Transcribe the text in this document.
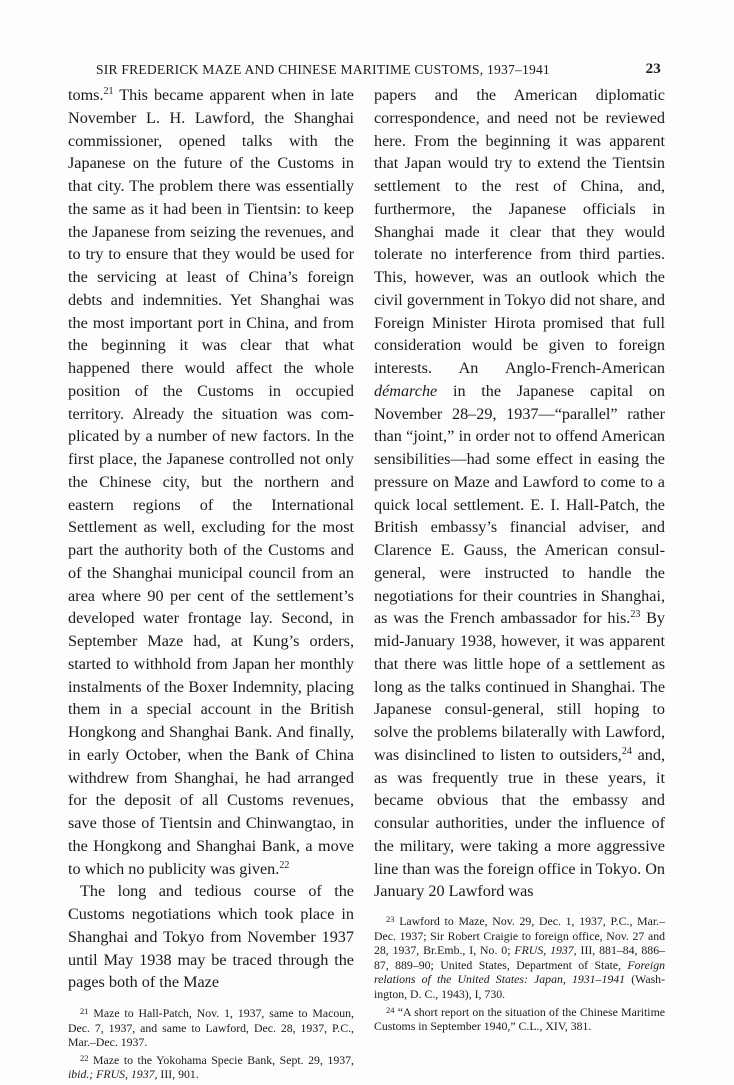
SIR FREDERICK MAZE AND CHINESE MARITIME CUSTOMS, 1937–1941	23

toms.$^{21}$ This became apparent when in late November L. H. Lawford, the Shanghai commissioner, opened talks with the Japanese on the future of the Customs in that city. The problem there was essentially the same as it had been in Tientsin: to keep the Japanese from seizing the revenues, and to try to ensure that they would be used for the servicing at least of China’s foreign debts and indemnities. Yet Shanghai was the most important port in China, and from the beginning it was clear that what happened there would affect the whole position of the Customs in occupied territory. Already the situation was complicated by a number of new factors. In the first place, the Japanese controlled not only the Chinese city, but the northern and eastern regions of the International Settlement as well, excluding for the most part the authority both of the Customs and of the Shanghai municipal council from an area where 90 per cent of the settlement’s developed water frontage lay. Second, in September Maze had, at Kung’s orders, started to withhold from Japan her monthly instalments of the Boxer Indemnity, placing them in a special account in the British Hongkong and Shanghai Bank. And finally, in early October, when the Bank of China withdrew from Shanghai, he had arranged for the deposit of all Customs revenues, save those of Tientsin and Chinwangtao, in the Hongkong and Shanghai Bank, a move to which no publicity was given.$^{22}$

The long and tedious course of the Customs negotiations which took place in Shanghai and Tokyo from November 1937 until May 1938 may be traced through the pages both of the Maze

$^{21}$ Maze to Hall-Patch, Nov. 1, 1937, same to Macoun, Dec. 7, 1937, and same to Lawford, Dec. 28, 1937, P.C., Mar.–Dec. 1937.

$^{22}$ Maze to the Yokohama Specie Bank, Sept. 29, 1937, ibid.; FRUS, 1937, III, 901.

papers and the American diplomatic correspondence, and need not be reviewed here. From the beginning it was apparent that Japan would try to extend the Tientsin settlement to the rest of China, and, furthermore, the Japanese officials in Shanghai made it clear that they would tolerate no interference from third parties. This, however, was an outlook which the civil government in Tokyo did not share, and Foreign Minister Hirota promised that full consideration would be given to foreign interests. An Anglo-French-American démarche in the Japanese capital on November 28–29, 1937—“parallel” rather than “joint,” in order not to offend American sensibilities—had some effect in easing the pressure on Maze and Lawford to come to a quick local settlement. E. I. Hall-Patch, the British embassy’s financial adviser, and Clarence E. Gauss, the American consul-general, were instructed to handle the negotiations for their countries in Shanghai, as was the French ambassador for his.$^{23}$ By mid-January 1938, however, it was apparent that there was little hope of a settlement as long as the talks continued in Shanghai. The Japanese consul-general, still hoping to solve the problems bilaterally with Lawford, was disinclined to listen to outsiders,$^{24}$ and, as was frequently true in these years, it became obvious that the embassy and consular authorities, under the influence of the military, were taking a more aggressive line than was the foreign office in Tokyo. On January 20 Lawford was

$^{23}$ Lawford to Maze, Nov. 29, Dec. 1, 1937, P.C., Mar.–Dec. 1937; Sir Robert Craigie to foreign office, Nov. 27 and 28, 1937, Br.Emb., I, No. 0; FRUS, 1937, III, 881–84, 886–87, 889–90; United States, Department of State, Foreign relations of the United States: Japan, 1931–1941 (Washington, D. C., 1943), I, 730.

$^{24}$ “A short report on the situation of the Chinese Maritime Customs in September 1940,” C.L., XIV, 381.
